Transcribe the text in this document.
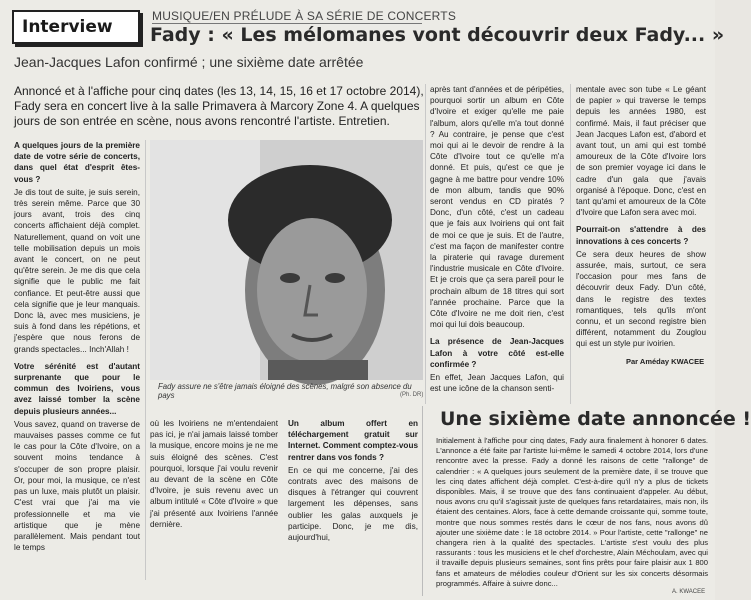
Interview
MUSIQUE/EN PRÉLUDE À SA SÉRIE DE CONCERTS
Fady : « Les mélomanes vont découvrir deux Fady... »
Jean-Jacques Lafon confirmé ; une sixième date arrêtée
Annoncé et à l'affiche pour cinq dates (les 13, 14, 15, 16 et 17 octobre 2014), Fady sera en concert live à la salle Primavera à Marcory Zone 4. A quelques jours de son entrée en scène, nous avons rencontré l'artiste. Entretien.

A quelques jours de la première date de votre série de concerts, dans quel état d'esprit êtes-vous ?

Je dis tout de suite, je suis serein, très serein même. Parce que 30 jours avant, trois des cinq concerts affichaient déjà complet. Naturellement, quand on voit une telle mobilisation depuis un mois avant le concert, on ne peut qu'être serein. Je me dis que cela signifie que le public me fait confiance. Et peut-être aussi que cela signifie que je leur manquais. Donc là, avec mes musiciens, je suis à fond dans les répétions, et j'espère que nous ferons de grands spectacles... Inch'Allah !

Votre sérénité est d'autant surprenante que pour le commun des Ivoiriens, vous avez laissé tomber la scène depuis plusieurs années...

Vous savez, quand on traverse de mauvaises passes comme ce fut le cas pour la Côte d'Ivoire, on a souvent moins tendance à s'occuper de son propre plaisir. Or, pour moi, la musique, ce n'est pas un luxe, mais plutôt un plaisir. C'est vrai que j'ai ma vie professionnelle et ma vie artistique que je mène parallèlement. Mais pendant tout le temps

Fady assure ne s'être jamais éloigné des scènes, malgré son absence du pays	(Ph. DR)

où les Ivoiriens ne m'entendaient pas ici, je n'ai jamais laissé tomber la musique, encore moins je ne me suis éloigné des scènes. C'est pourquoi, lorsque j'ai voulu revenir au devant de la scène en Côte d'Ivoire, je suis revenu avec un album intitulé « Côte d'Ivoire » que j'ai présenté aux Ivoiriens l'année dernière.

Un album offert en téléchargement gratuit sur Internet. Comment comptez-vous rentrer dans vos fonds ?

En ce qui me concerne, j'ai des contrats avec des maisons de disques à l'étranger qui couvrent largement les dépenses, sans oublier les galas auxquels je participe. Donc, je me dis, aujourd'hui,

après tant d'années et de péripéties, pourquoi sortir un album en Côte d'Ivoire et exiger qu'elle me paie l'album, alors qu'elle m'a tout donné ? Au contraire, je pense que c'est moi qui ai le devoir de rendre à la Côte d'Ivoire tout ce qu'elle m'a donné. Et puis, qu'est ce que je gagne à me battre pour vendre 10% de mon album, tandis que 90% seront vendus en CD piratés ? Donc, d'un côté, c'est un cadeau que je fais aux Ivoiriens qui ont fait de moi ce que je suis. Et de l'autre, c'est ma façon de manifester contre la piraterie qui ravage durement l'industrie musicale en Côte d'Ivoire. Et je crois que ça sera pareil pour le prochain album de 18 titres qui sort l'année prochaine. Parce que la Côte d'Ivoire ne me doit rien, c'est moi qui lui dois beaucoup.

La présence de Jean-Jacques Lafon à votre côté est-elle confirmée ?

En effet, Jean Jacques Lafon, qui est une icône de la chanson senti-

mentale avec son tube « Le géant de papier » qui traverse le temps depuis les années 1980, est confirmé. Mais, il faut préciser que Jean Jacques Lafon est, d'abord et avant tout, un ami qui est tombé amoureux de la Côte d'Ivoire lors de son premier voyage ici dans le cadre d'un gala que j'avais organisé à l'époque. Donc, c'est en tant qu'ami et amoureux de la Côte d'Ivoire que Lafon sera avec moi.

Pourrait-on s'attendre à des innovations à ces concerts ?

Ce sera deux heures de show assurée, mais, surtout, ce sera l'occasion pour mes fans de découvrir deux Fady. D'un côté, dans le registre des textes romantiques, tels qu'ils m'ont connu, et un second registre bien différent, notamment du Zouglou qui est un style pur ivoirien.

Par Améday KWACEE
Une sixième date annoncée !
Initialement à l'affiche pour cinq dates, Fady aura finalement à honorer 6 dates. L'annonce a été faite par l'artiste lui-même le samedi 4 octobre 2014, lors d'une rencontre avec la presse. Fady a donné les raisons de cette "rallonge" de calendrier : « A quelques jours seulement de la première date, il se trouve que les cinq dates affichent déjà complet. C'est-à-dire qu'il n'y a plus de tickets disponibles. Mais, il se trouve que des fans continuaient d'appeler. Au début, nous avons cru qu'il s'agissait juste de quelques fans retardataires, mais non, ils étaient des centaines. Alors, face à cette demande croissante qui, somme toute, montre que nous sommes restés dans le cœur de nos fans, nous avons dû ajouter une sixième date : le 18 octobre 2014. » Pour l'artiste, cette "rallonge" ne changera rien à la qualité des spectacles. L'artiste s'est voulu des plus rassurants : tous les musiciens et le chef d'orchestre, Alain Méchoulam, avec qui il travaille depuis plusieurs semaines, sont fins prêts pour faire plaisir aux 1 800 fans et amateurs de mélodies couleur d'Orient sur les six concerts désormais programmés. Affaire à suivre donc...
A. KWACEE
